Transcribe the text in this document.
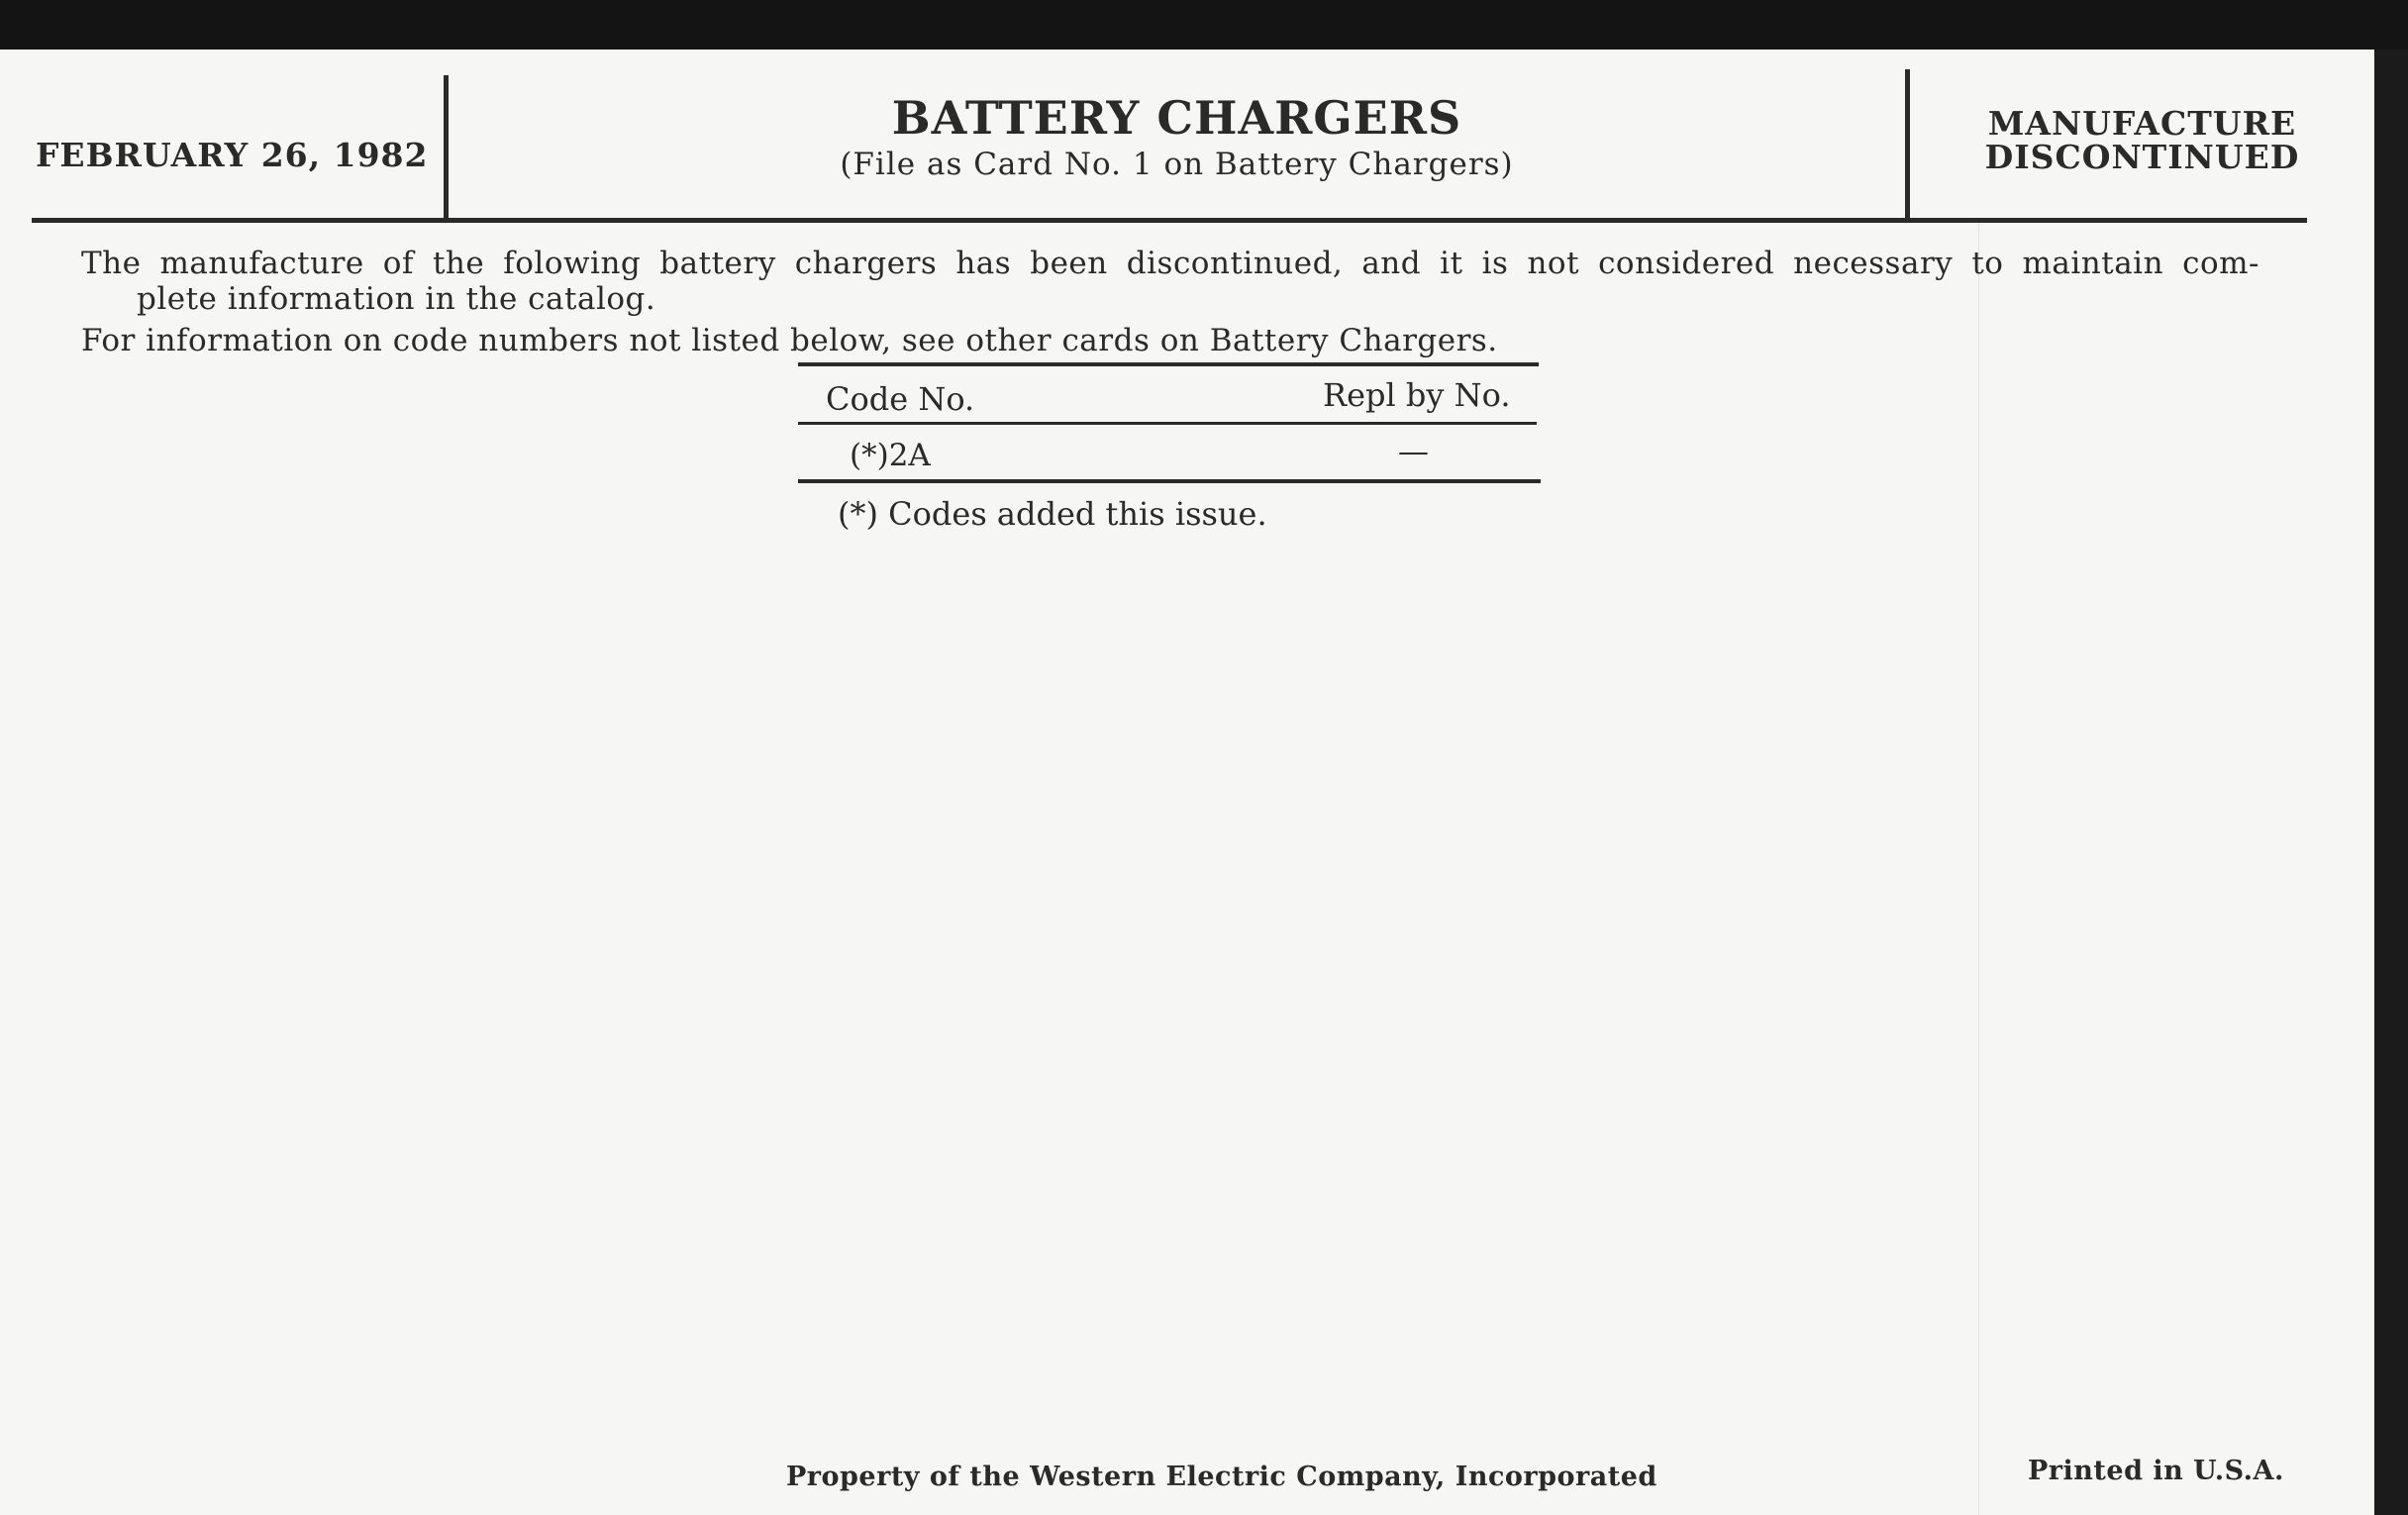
FEBRUARY 26, 1982
BATTERY CHARGERS
(File as Card No. 1 on Battery Chargers)
MANUFACTURE
DISCONTINUED
The manufacture of the folowing battery chargers has been discontinued, and it is not considered necessary to maintain com-
plete information in the catalog.
For information on code numbers not listed below, see other cards on Battery Chargers.
Code No.	Repl by No.
(*)2A	—
(*) Codes added this issue.
Property of the Western Electric Company, Incorporated	Printed in U.S.A.
